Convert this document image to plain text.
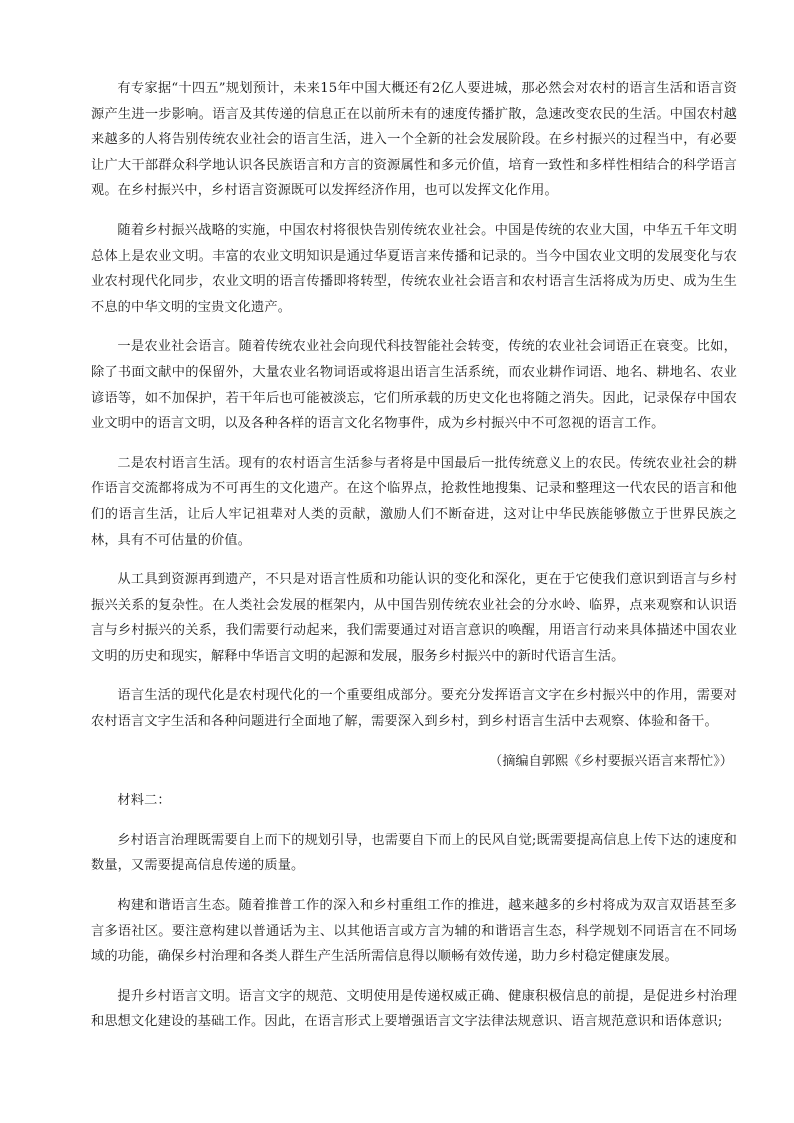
有专家据“十四五”规划预计，未来15年中国大概还有2亿人要进城，那必然会对农村的语言生活和语言资源产生进一步影响。语言及其传递的信息正在以前所未有的速度传播扩散，急速改变农民的生活。中国农村越来越多的人将告别传统农业社会的语言生活，进入一个全新的社会发展阶段。在乡村振兴的过程当中，有必要让广大干部群众科学地认识各民族语言和方言的资源属性和多元价值，培育一致性和多样性相结合的科学语言观。在乡村振兴中，乡村语言资源既可以发挥经济作用，也可以发挥文化作用。

随着乡村振兴战略的实施，中国农村将很快告别传统农业社会。中国是传统的农业大国，中华五千年文明总体上是农业文明。丰富的农业文明知识是通过华夏语言来传播和记录的。当今中国农业文明的发展变化与农业农村现代化同步，农业文明的语言传播即将转型，传统农业社会语言和农村语言生活将成为历史、成为生生不息的中华文明的宝贵文化遗产。

一是农业社会语言。随着传统农业社会向现代科技智能社会转变，传统的农业社会词语正在衰变。比如，除了书面文献中的保留外，大量农业名物词语或将退出语言生活系统，而农业耕作词语、地名、耕地名、农业谚语等，如不加保护，若干年后也可能被淡忘，它们所承载的历史文化也将随之消失。因此，记录保存中国农业文明中的语言文明，以及各种各样的语言文化名物事件，成为乡村振兴中不可忽视的语言工作。

二是农村语言生活。现有的农村语言生活参与者将是中国最后一批传统意义上的农民。传统农业社会的耕作语言交流都将成为不可再生的文化遗产。在这个临界点，抢救性地搜集、记录和整理这一代农民的语言和他们的语言生活，让后人牢记祖辈对人类的贡献，激励人们不断奋进，这对让中华民族能够傲立于世界民族之林，具有不可估量的价值。

从工具到资源再到遗产，不只是对语言性质和功能认识的变化和深化，更在于它使我们意识到语言与乡村振兴关系的复杂性。在人类社会发展的框架内，从中国告别传统农业社会的分水岭、临界，点来观察和认识语言与乡村振兴的关系，我们需要行动起来，我们需要通过对语言意识的唤醒，用语言行动来具体描述中国农业文明的历史和现实，解释中华语言文明的起源和发展，服务乡村振兴中的新时代语言生活。

语言生活的现代化是农村现代化的一个重要组成部分。要充分发挥语言文字在乡村振兴中的作用，需要对农村语言文字生活和各种问题进行全面地了解，需要深入到乡村，到乡村语言生活中去观察、体验和备干。

（摘编自郭熙《乡村要振兴语言来帮忙》）

材料二：

乡村语言治理既需要自上而下的规划引导，也需要自下而上的民风自觉;既需要提高信息上传下达的速度和数量，又需要提高信息传递的质量。

构建和谐语言生态。随着推普工作的深入和乡村重组工作的推进，越来越多的乡村将成为双言双语甚至多言多语社区。要注意构建以普通话为主、以其他语言或方言为辅的和谐语言生态，科学规划不同语言在不同场域的功能，确保乡村治理和各类人群生产生活所需信息得以顺畅有效传递，助力乡村稳定健康发展。

提升乡村语言文明。语言文字的规范、文明使用是传递权威正确、健康积极信息的前提，是促进乡村治理和思想文化建设的基础工作。因此，在语言形式上要增强语言文字法律法规意识、语言规范意识和语体意识;
